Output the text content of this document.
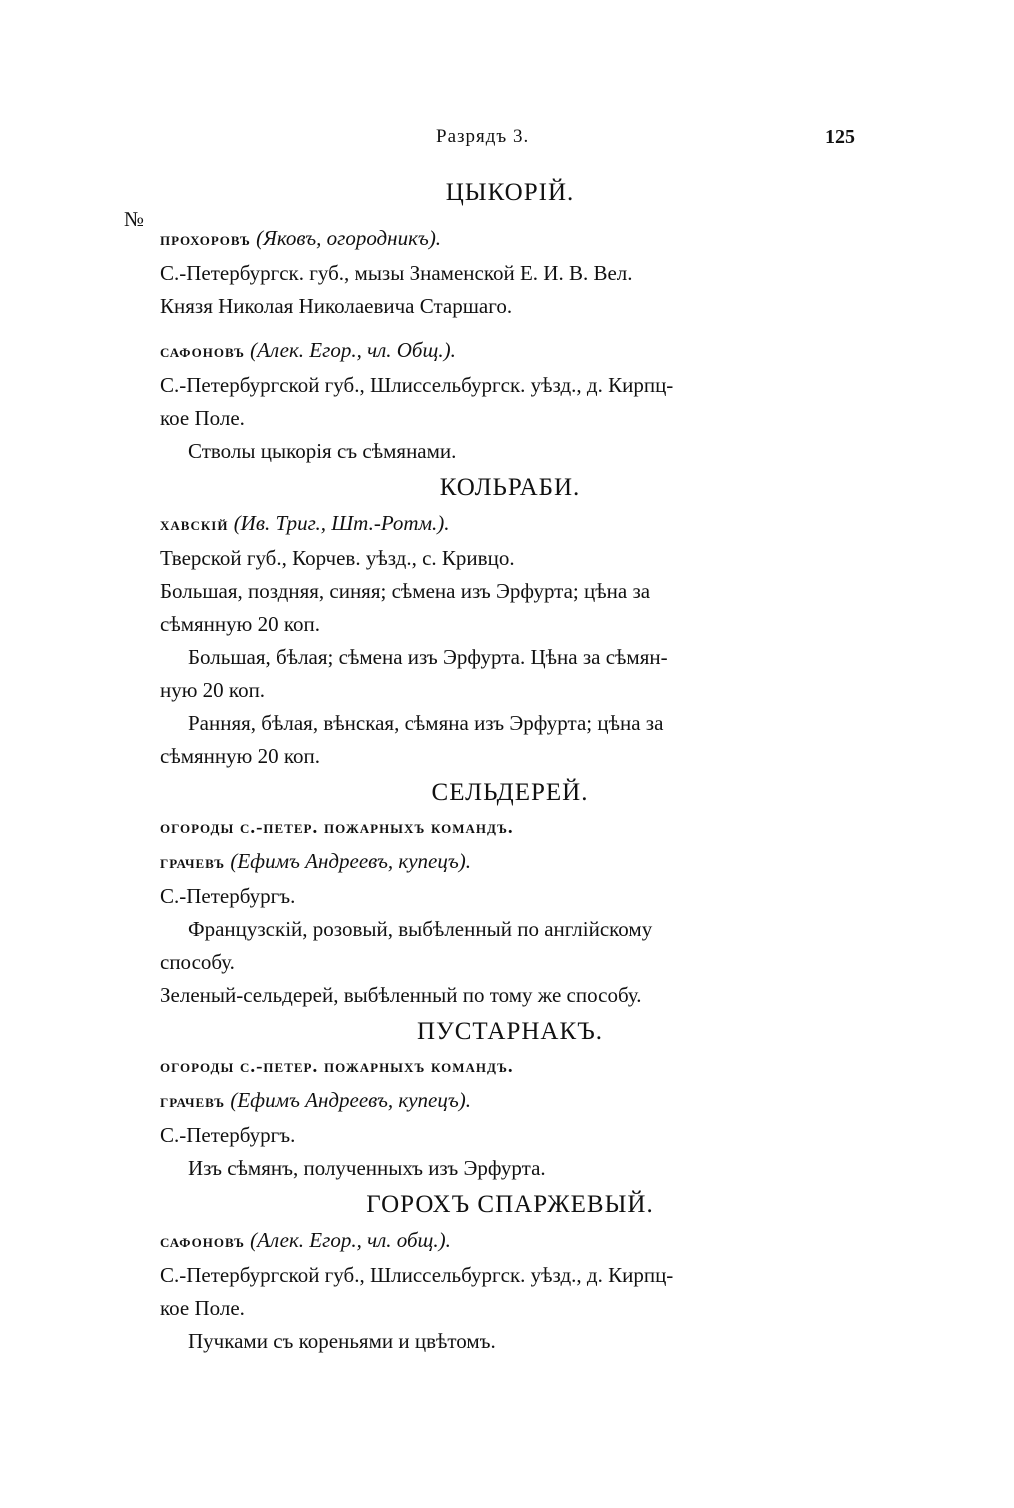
Разрядъ 3.	125
№
ЦЫКОРІЙ.
прохоровъ (Яковъ, огородникъ).
С.-Петербургск. губ., мызы Знаменской Е. И. В. Вел.
Князя Николая Николаевича Старшаго.
сафоновъ (Алек. Егор., чл. Общ.).
С.-Петербургской губ., Шлиссельбургск. уѣзд., д. Кирпц-
кое Поле.
Стволы цыкорія съ сѣмянами.
КОЛЬРАБИ.
хавскій (Ив. Триг., Шт.-Ротм.).
Тверской губ., Корчев. уѣзд., с. Кривцо.
Большая, поздняя, синяя; сѣмена изъ Эрфурта; цѣна за
сѣмянную 20 коп.
Большая, бѣлая; сѣмена изъ Эрфурта. Цѣна за сѣмян-
ную 20 коп.
Ранняя, бѣлая, вѣнская, сѣмяна изъ Эрфурта; цѣна за
сѣмянную 20 коп.
СЕЛЬДЕРЕЙ.
огороды с.-петер. пожарныхъ командъ.
грачевъ (Ефимъ Андреевъ, купецъ).
С.-Петербургъ.
Французскій, розовый, выбѣленный по англійскому
способу.
Зеленый-сельдерей, выбѣленный по тому же способу.
ПУСТАРНАКЪ.
огороды с.-петер. пожарныхъ командъ.
грачевъ (Ефимъ Андреевъ, купецъ).
С.-Петербургъ.
Изъ сѣмянъ, полученныхъ изъ Эрфурта.
ГОРОХЪ СПАРЖЕВЫЙ.
сафоновъ (Алек. Егор., чл. общ.).
С.-Петербургской губ., Шлиссельбургск. уѣзд., д. Кирпц-
кое Поле.
Пучками съ кореньями и цвѣтомъ.
